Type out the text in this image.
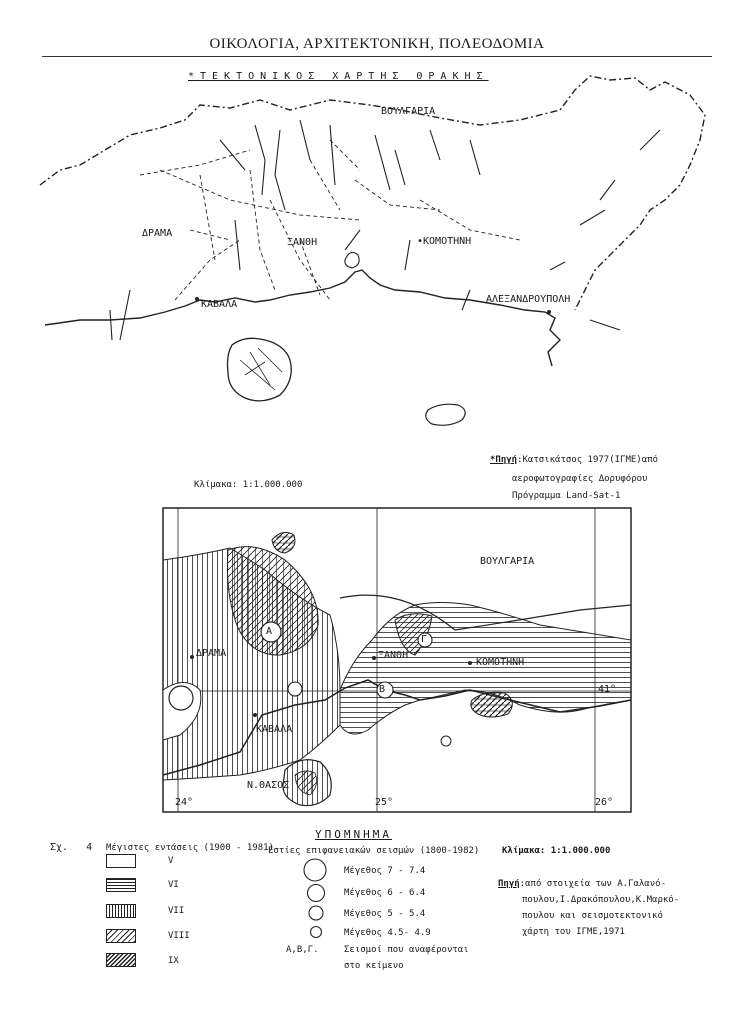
ΟΙΚΟΛΟΓΙΑ, ΑΡΧΙΤΕΚΤΟΝΙΚΗ, ΠΟΛΕΟΔΟΜΙΑ
*ΤΕΚΤΟΝΙΚΟΣ ΧΑΡΤΗΣ ΘΡΑΚΗΣ
ΒΟΥΛΓΑΡΙΑ
ΔΡΑΜΑ
ΞΑΝΘΗ	•ΚΟΜΟΤΗΝΗ
ΚΑΒΑΛΑ	ΑΛΕΞΑΝΔΡΟΥΠΟΛΗ
*Πηγή:Κατσικάτσος 1977(ΙΓΜΕ)από
αεροφωτογραφίες Δορυφόρου
Πρόγραμμα Land-Sat-1
Κλίμακα: 1:1.000.000
ΒΟΥΛΓΑΡΙΑ
ΔΡΑΜΑ	ΞΑΝΘΗ
ΚΟΜΟΤΗΝΗ
ΚΑΒΑΛΑ
Ν.ΘΑΣΟΣ
Α
Β
Γ
41°
24°	25°	26°
ΥΠΟΜΝΗΜΑ
Σχ. 4 Μέγιστες εντάσεις (1900 - 1981)
Εστίες επιφανειακών σεισμών (1800-1982)	Κλίμακα: 1:1.000.000
V
VI
VII
VIII
IX
Μέγεθος 7 - 7.4
Μέγεθος 6 - 6.4
Μέγεθος 5 - 5.4
Μέγεθος 4.5- 4.9
Α,Β,Γ.	Σεισμοί που αναφέρονται
στο κείμενο
Πηγή:από στοιχεία των Α.Γαλανό-
πουλου,Ι.Δρακόπουλου,Κ.Μαρκό-
πουλου και σεισμοτεκτονικό
χάρτη του ΙΓΜΕ,1971
